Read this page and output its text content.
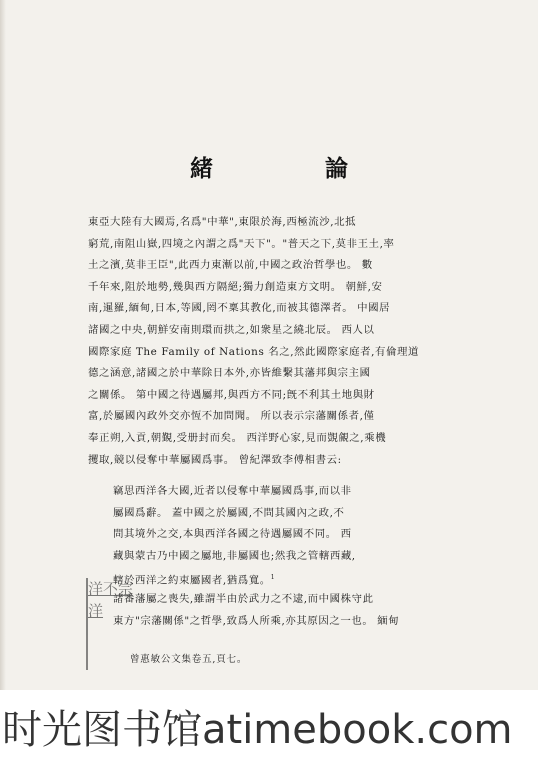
緒 論
東亞大陸有大國焉,名爲"中華",東限於海,西極流沙,北抵
窮荒,南阻山嶽,四境之內謂之爲"天下"。"普天之下,莫非王土,率
土之濱,莫非王臣",此西力東漸以前,中國之政治哲學也。 數
千年來,阻於地勢,幾與西方隔絕;獨力創造東方文明。 朝鮮,安
南,暹羅,緬甸,日本,等國,罔不稟其教化,而被其德澤者。 中國居
諸國之中央,朝鮮安南則環而拱之,如衆星之繞北辰。 西人以
國際家庭 The Family of Nations 名之,然此國際家庭者,有倫理道
德之涵意,諸國之於中華除日本外,亦皆維繫其藩邦與宗主國
之關係。 第中國之待遇屬邦,與西方不同;旣不利其土地與財
富,於屬國內政外交亦恆不加問聞。 所以表示宗藩關係者,僅
奉正朔,入貢,朝覲,受册封而矣。 西洋野心家,見而覬覦之,乘機
攫取,競以侵奪中華屬國爲事。 曾紀澤致李傅相書云:
竊思西洋各大國,近者以侵奪中華屬國爲事,而以非
屬國爲辭。 蓋中國之於屬國,不問其國內之政,不
問其境外之交,本與西洋各國之待遇屬國不同。 西
藏與蒙古乃中國之屬地,非屬國也;然我之管轄西藏,
轄於西洋之約束屬國者,猶爲寬。$^1$
諸番藩屬之喪失,雖謂半由於武力之不逮,而中國株守此
東方"宗藩關係"之哲學,致爲人所乘,亦其原因之一也。 緬甸
洋不宗洋
曾惠敏公文集卷五,頁七。
时光图书馆atimebook.com
